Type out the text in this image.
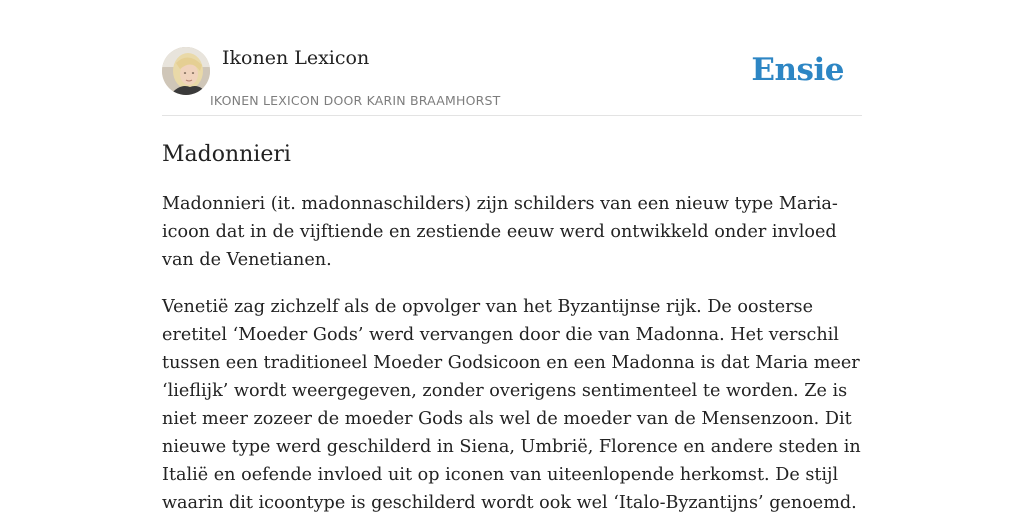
Ikonen Lexicon
IKONEN LEXICON DOOR KARIN BRAAMHORST
Ensie
Madonnieri

Madonnieri (it. madonnaschilders) zijn schilders van een nieuw type Maria-icoon dat in de vijftiende en zestiende eeuw werd ontwikkeld onder invloed van de Venetianen.

Venetië zag zichzelf als de opvolger van het Byzantijnse rijk. De oosterse eretitel ‘Moeder Gods’ werd vervangen door die van Madonna. Het verschil tussen een traditioneel Moeder Godsicoon en een Madonna is dat Maria meer ‘lieflijk’ wordt weergegeven, zonder overigens sentimenteel te worden. Ze is niet meer zozeer de moeder Gods als wel de moeder van de Mensenzoon. Dit nieuwe type werd geschilderd in Siena, Umbrië, Florence en andere steden in Italië en oefende invloed uit op iconen van uiteenlopende herkomst. De stijl waarin dit icoontype is geschilderd wordt ook wel ‘Italo-Byzantijns’ genoemd.
